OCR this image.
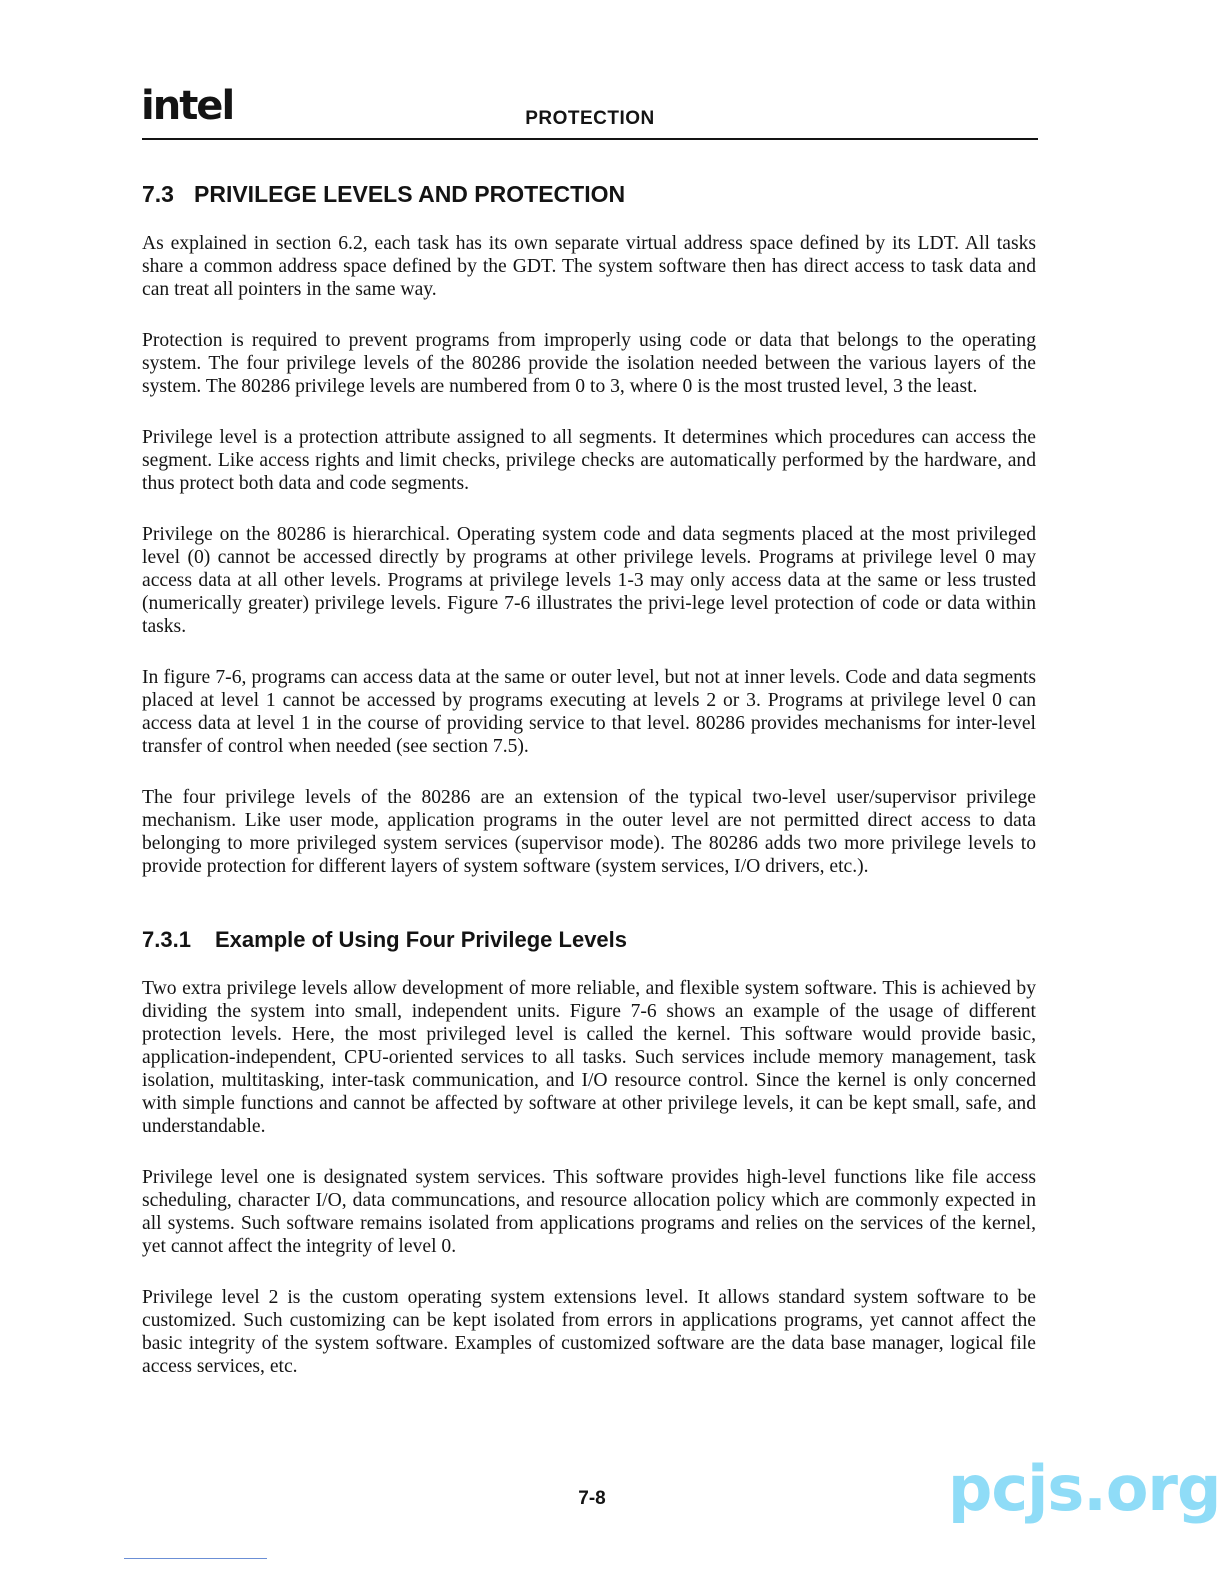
intel	PROTECTION
7.3 PRIVILEGE LEVELS AND PROTECTION

As explained in section 6.2, each task has its own separate virtual address space defined by its LDT. All tasks share a common address space defined by the GDT. The system software then has direct access to task data and can treat all pointers in the same way.

Protection is required to prevent programs from improperly using code or data that belongs to the operating system. The four privilege levels of the 80286 provide the isolation needed between the various layers of the system. The 80286 privilege levels are numbered from 0 to 3, where 0 is the most trusted level, 3 the least.

Privilege level is a protection attribute assigned to all segments. It determines which procedures can access the segment. Like access rights and limit checks, privilege checks are automatically performed by the hardware, and thus protect both data and code segments.

Privilege on the 80286 is hierarchical. Operating system code and data segments placed at the most privileged level (0) cannot be accessed directly by programs at other privilege levels. Programs at privilege level 0 may access data at all other levels. Programs at privilege levels 1-3 may only access data at the same or less trusted (numerically greater) privilege levels. Figure 7-6 illustrates the privi-lege level protection of code or data within tasks.

In figure 7-6, programs can access data at the same or outer level, but not at inner levels. Code and data segments placed at level 1 cannot be accessed by programs executing at levels 2 or 3. Programs at privilege level 0 can access data at level 1 in the course of providing service to that level. 80286 provides mechanisms for inter-level transfer of control when needed (see section 7.5).

The four privilege levels of the 80286 are an extension of the typical two-level user/supervisor privilege mechanism. Like user mode, application programs in the outer level are not permitted direct access to data belonging to more privileged system services (supervisor mode). The 80286 adds two more privilege levels to provide protection for different layers of system software (system services, I/O drivers, etc.).

7.3.1 Example of Using Four Privilege Levels

Two extra privilege levels allow development of more reliable, and flexible system software. This is achieved by dividing the system into small, independent units. Figure 7-6 shows an example of the usage of different protection levels. Here, the most privileged level is called the kernel. This software would provide basic, application-independent, CPU-oriented services to all tasks. Such services include memory management, task isolation, multitasking, inter-task communication, and I/O resource control. Since the kernel is only concerned with simple functions and cannot be affected by software at other privilege levels, it can be kept small, safe, and understandable.

Privilege level one is designated system services. This software provides high-level functions like file access scheduling, character I/O, data communcations, and resource allocation policy which are commonly expected in all systems. Such software remains isolated from applications programs and relies on the services of the kernel, yet cannot affect the integrity of level 0.

Privilege level 2 is the custom operating system extensions level. It allows standard system software to be customized. Such customizing can be kept isolated from errors in applications programs, yet cannot affect the basic integrity of the system software. Examples of customized software are the data base manager, logical file access services, etc.

7-8	pcjs.org
